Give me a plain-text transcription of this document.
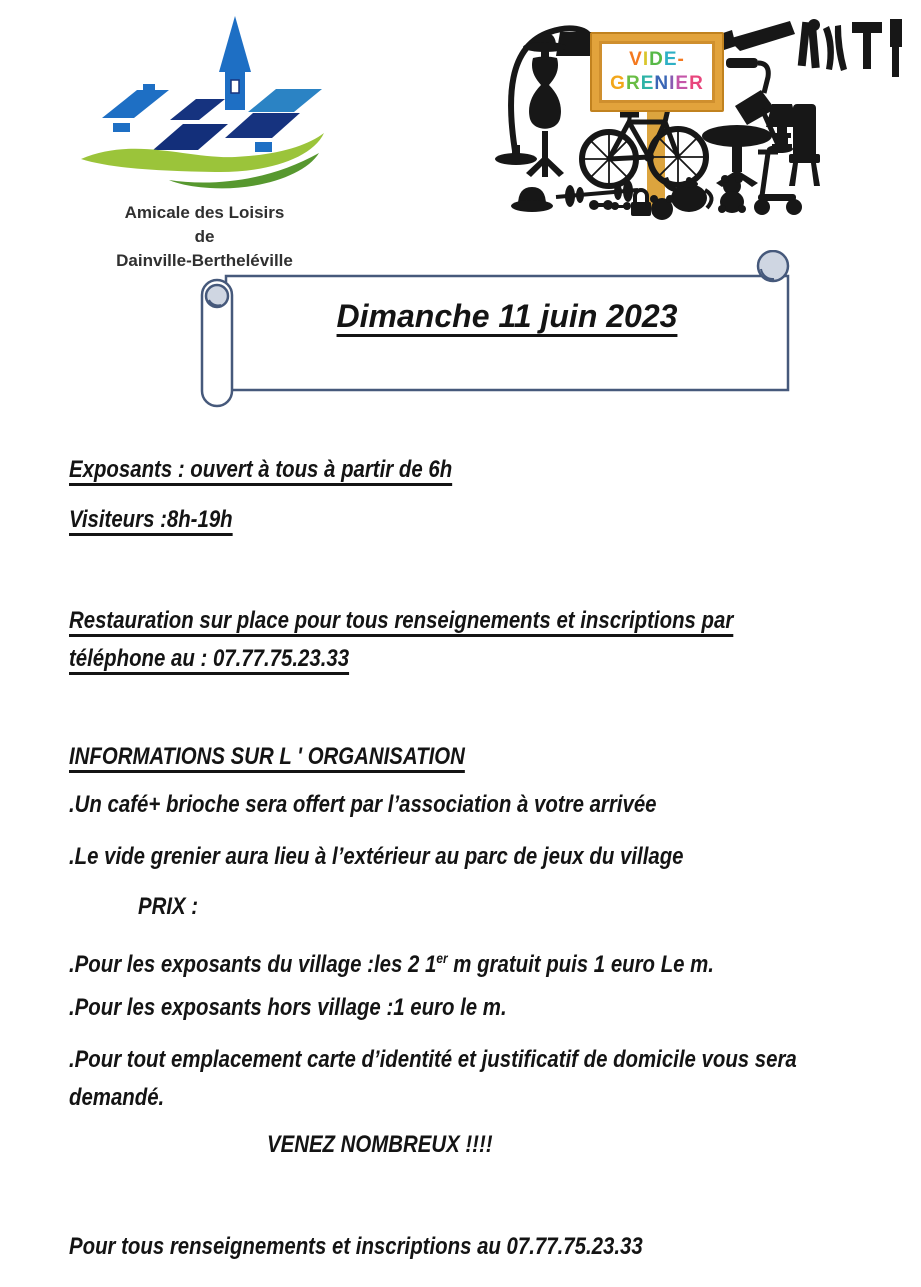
Amicale des Loisirs
de
Dainville-Bertheléville
VIDE-
GRENIER
Dimanche 11 juin 2023
Exposants : ouvert à tous à partir de 6h
Visiteurs :8h-19h
Restauration sur place pour tous renseignements et inscriptions par
téléphone au : 07.77.75.23.33
INFORMATIONS SUR L ' ORGANISATION
.Un café+ brioche sera offert par l’association à votre arrivée
.Le vide grenier aura lieu à l’extérieur au parc de jeux du village
PRIX :
.Pour les exposants du village :les 2 1er m gratuit puis 1 euro Le m.
.Pour les exposants hors village :1 euro le m.
.Pour tout emplacement carte d’identité et justificatif de domicile vous sera
demandé.
VENEZ NOMBREUX !!!!
Pour tous renseignements et inscriptions au 07.77.75.23.33
